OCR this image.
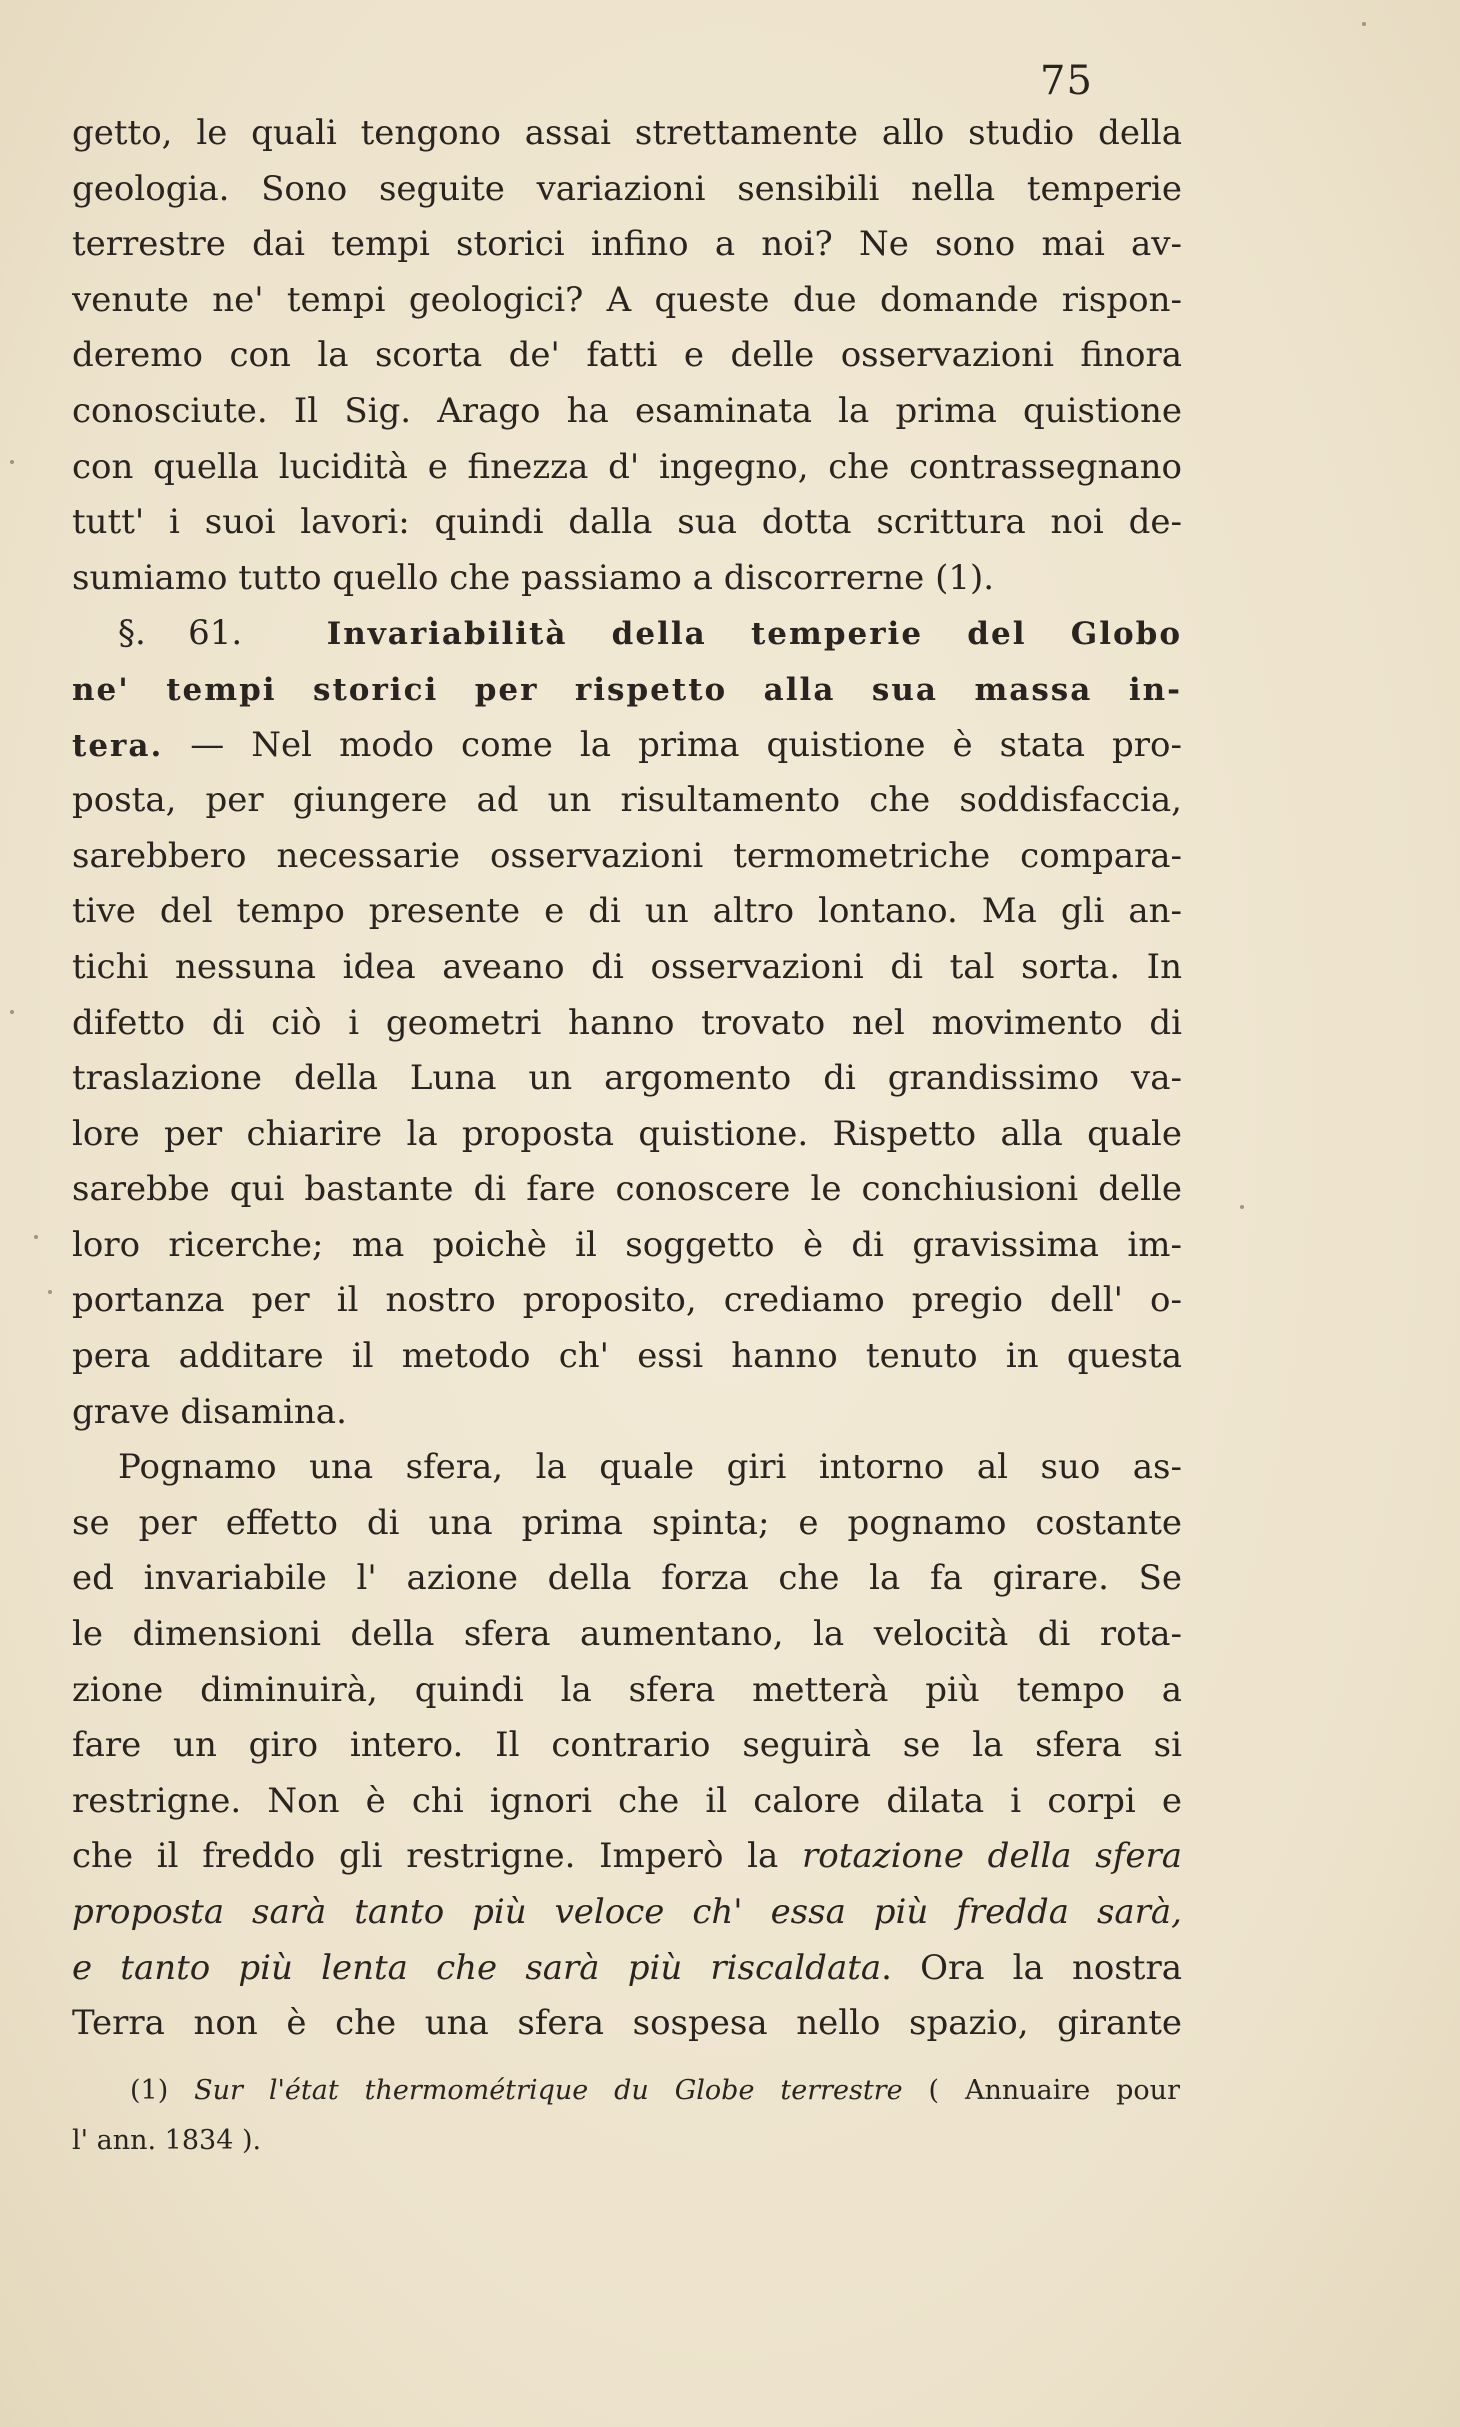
75
getto, le quali tengono assai strettamente allo studio della
geologia. Sono seguite variazioni sensibili nella temperie
terrestre dai tempi storici infino a noi? Ne sono mai av-
venute ne' tempi geologici? A queste due domande rispon-
deremo con la scorta de' fatti e delle osservazioni finora
conosciute. Il Sig. Arago ha esaminata la prima quistione
con quella lucidità e finezza d' ingegno, che contrassegnano
tutt' i suoi lavori: quindi dalla sua dotta scrittura noi de-
sumiamo tutto quello che passiamo a discorrerne (1).
§. 61.	Invariabilità della temperie del Globo
ne' tempi storici per rispetto alla sua massa in-
tera. — Nel modo come la prima quistione è stata pro-
posta, per giungere ad un risultamento che soddisfaccia,
sarebbero necessarie osservazioni termometriche compara-
tive del tempo presente e di un altro lontano. Ma gli an-
tichi nessuna idea aveano di osservazioni di tal sorta. In
difetto di ciò i geometri hanno trovato nel movimento di
traslazione della Luna un argomento di grandissimo va-
lore per chiarire la proposta quistione. Rispetto alla quale
sarebbe qui bastante di fare conoscere le conchiusioni delle
loro ricerche; ma poichè il soggetto è di gravissima im-
portanza per il nostro proposito, crediamo pregio dell' o-
pera additare il metodo ch' essi hanno tenuto in questa
grave disamina.
Pognamo una sfera, la quale giri intorno al suo as-
se per effetto di una prima spinta; e pognamo costante
ed invariabile l' azione della forza che la fa girare. Se
le dimensioni della sfera aumentano, la velocità di rota-
zione diminuirà, quindi la sfera metterà più tempo a
fare un giro intero. Il contrario seguirà se la sfera si
restrigne. Non è chi ignori che il calore dilata i corpi e
che il freddo gli restrigne. Imperò la rotazione della sfera
proposta sarà tanto più veloce ch' essa più fredda sarà,
e tanto più lenta che sarà più riscaldata. Ora la nostra
Terra non è che una sfera sospesa nello spazio, girante
(1) Sur l'état thermométrique du Globe terrestre ( Annuaire pour
l' ann. 1834 ).
